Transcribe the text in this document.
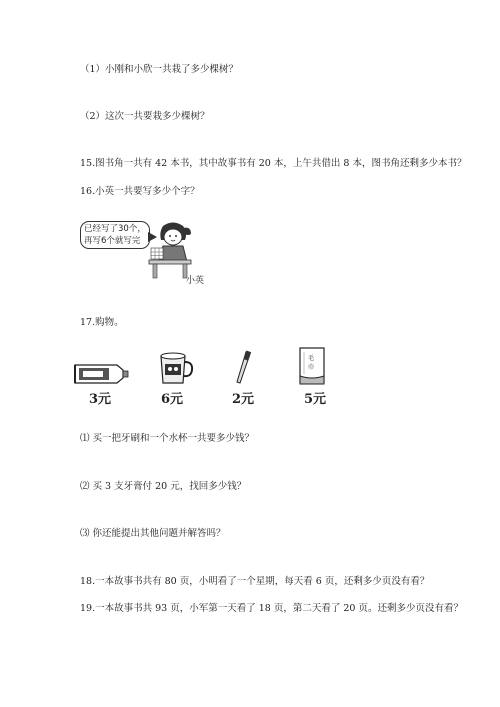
（1）小刚和小欣一共栽了多少棵树？
（2）这次一共要栽多少棵树？
15.图书角一共有 42 本书，其中故事书有 20 本，上午共借出 8 本，图书角还剩多少本书？
16.小英一共要写多少个字？
已经写了30个，
再写6个就写完
小英
17.购物。
毛
巾
3元	6元	2元	5元
⑴ 买一把牙刷和一个水杯一共要多少钱？
⑵ 买 3 支牙膏付 20 元，找回多少钱？
⑶ 你还能提出其他问题并解答吗？
18.一本故事书共有 80 页，小明看了一个星期，每天看 6 页，还剩多少页没有看？
19.一本故事书共 93 页，小军第一天看了 18 页，第二天看了 20 页。还剩多少页没有看？
